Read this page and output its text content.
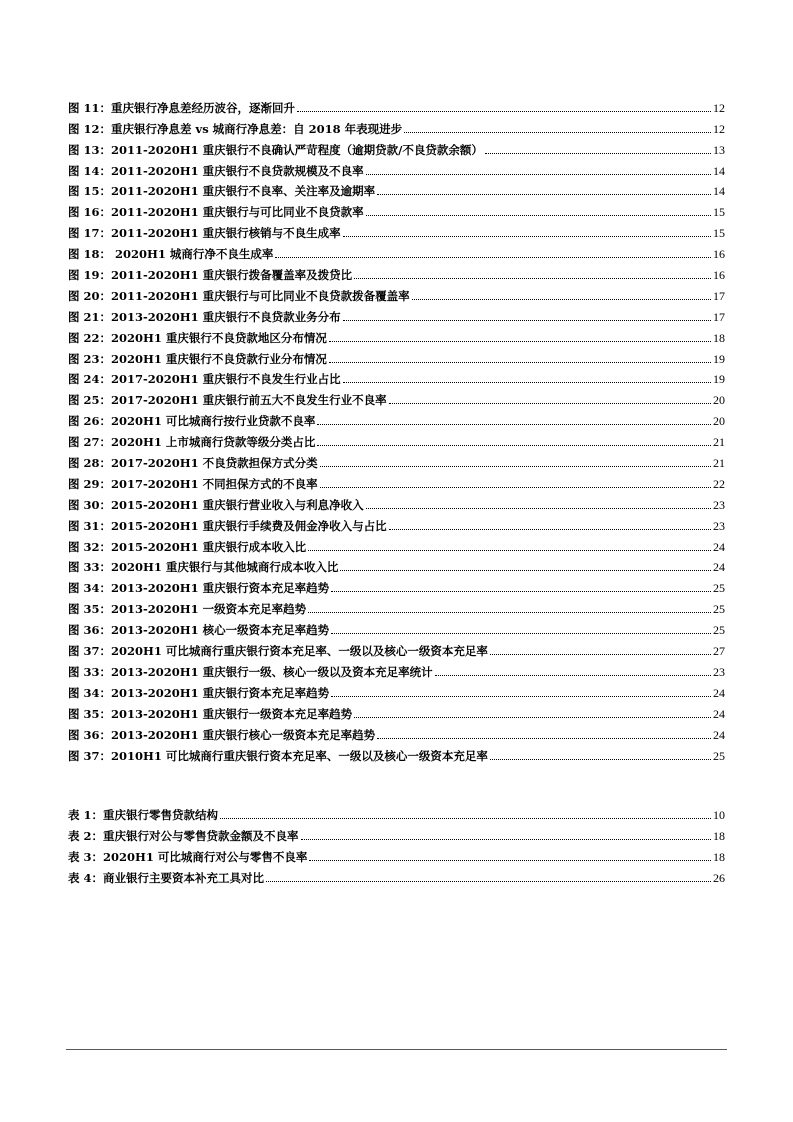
图 11：重庆银行净息差经历波谷，逐渐回升	12
图 12：重庆银行净息差 vs 城商行净息差：自 2018 年表现进步	12
图 13：2011-2020H1 重庆银行不良确认严苛程度（逾期贷款/不良贷款余额）	13
图 14：2011-2020H1 重庆银行不良贷款规模及不良率	14
图 15：2011-2020H1 重庆银行不良率、关注率及逾期率	14
图 16：2011-2020H1 重庆银行与可比同业不良贷款率	15
图 17：2011-2020H1 重庆银行核销与不良生成率	15
图 18： 2020H1 城商行净不良生成率	16
图 19：2011-2020H1 重庆银行拨备覆盖率及拨贷比	16
图 20：2011-2020H1 重庆银行与可比同业不良贷款拨备覆盖率	17
图 21：2013-2020H1 重庆银行不良贷款业务分布	17
图 22：2020H1 重庆银行不良贷款地区分布情况	18
图 23：2020H1 重庆银行不良贷款行业分布情况	19
图 24：2017-2020H1 重庆银行不良发生行业占比	19
图 25：2017-2020H1 重庆银行前五大不良发生行业不良率	20
图 26：2020H1 可比城商行按行业贷款不良率	20
图 27：2020H1 上市城商行贷款等级分类占比	21
图 28：2017-2020H1 不良贷款担保方式分类	21
图 29：2017-2020H1 不同担保方式的不良率	22
图 30：2015-2020H1 重庆银行营业收入与利息净收入	23
图 31：2015-2020H1 重庆银行手续费及佣金净收入与占比	23
图 32：2015-2020H1 重庆银行成本收入比	24
图 33：2020H1 重庆银行与其他城商行成本收入比	24
图 34：2013-2020H1 重庆银行资本充足率趋势	25
图 35：2013-2020H1 一级资本充足率趋势	25
图 36：2013-2020H1 核心一级资本充足率趋势	25
图 37：2020H1 可比城商行重庆银行资本充足率、一级以及核心一级资本充足率	27
图 33：2013-2020H1 重庆银行一级、核心一级以及资本充足率统计	23
图 34：2013-2020H1 重庆银行资本充足率趋势	24
图 35：2013-2020H1 重庆银行一级资本充足率趋势	24
图 36：2013-2020H1 重庆银行核心一级资本充足率趋势	24
图 37：2010H1 可比城商行重庆银行资本充足率、一级以及核心一级资本充足率	25
表 1：重庆银行零售贷款结构	10
表 2：重庆银行对公与零售贷款金额及不良率	18
表 3：2020H1 可比城商行对公与零售不良率	18
表 4：商业银行主要资本补充工具对比	26
